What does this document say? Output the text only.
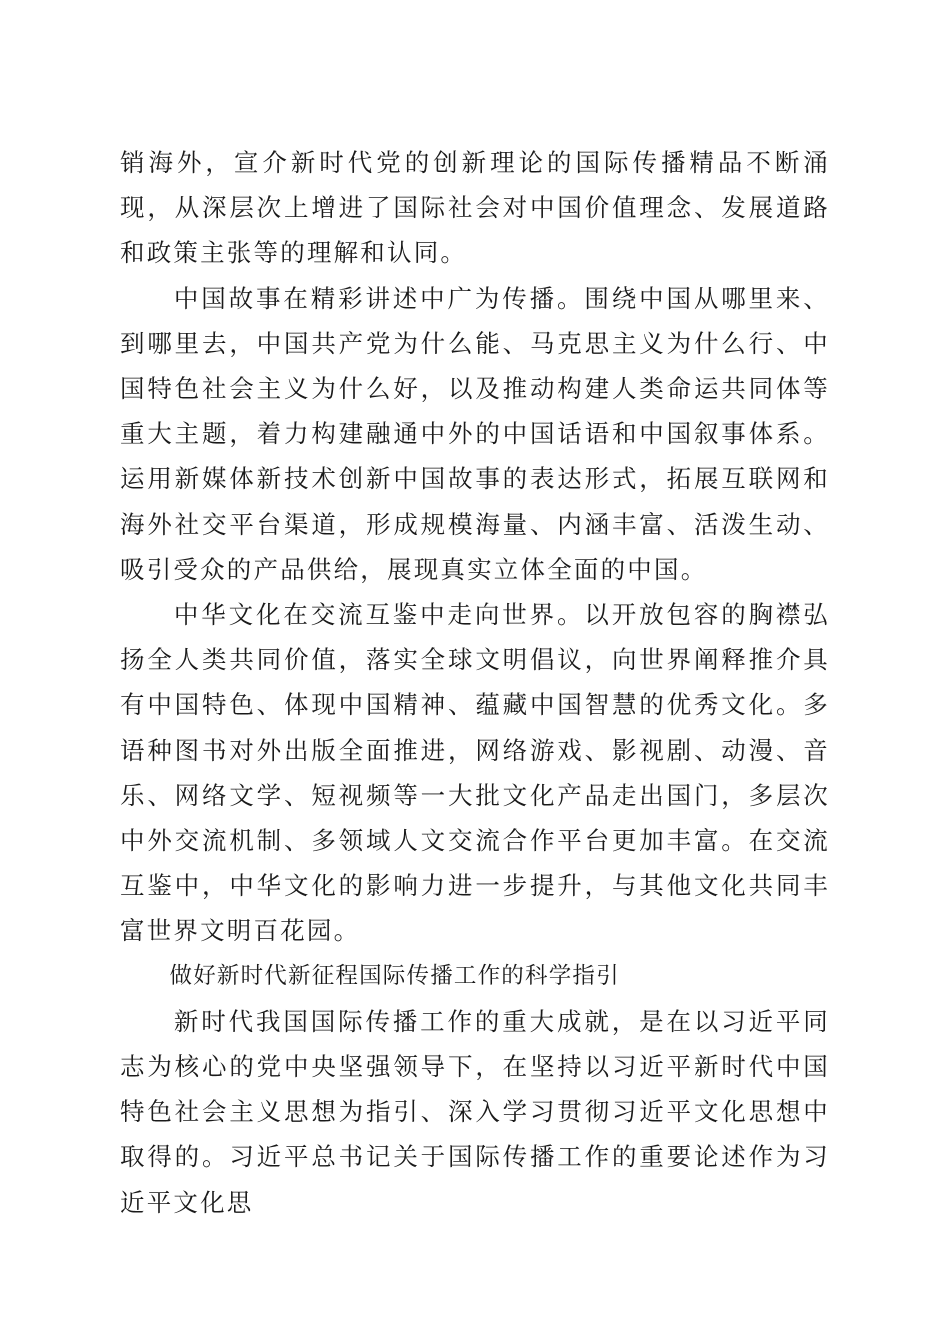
销海外，宣介新时代党的创新理论的国际传播精品不断涌现，从深层次上增进了国际社会对中国价值理念、发展道路和政策主张等的理解和认同。

中国故事在精彩讲述中广为传播。围绕中国从哪里来、到哪里去，中国共产党为什么能、马克思主义为什么行、中国特色社会主义为什么好，以及推动构建人类命运共同体等重大主题，着力构建融通中外的中国话语和中国叙事体系。运用新媒体新技术创新中国故事的表达形式，拓展互联网和海外社交平台渠道，形成规模海量、内涵丰富、活泼生动、吸引受众的产品供给，展现真实立体全面的中国。

中华文化在交流互鉴中走向世界。以开放包容的胸襟弘扬全人类共同价值，落实全球文明倡议，向世界阐释推介具有中国特色、体现中国精神、蕴藏中国智慧的优秀文化。多语种图书对外出版全面推进，网络游戏、影视剧、动漫、音乐、网络文学、短视频等一大批文化产品走出国门，多层次中外交流机制、多领域人文交流合作平台更加丰富。在交流互鉴中，中华文化的影响力进一步提升，与其他文化共同丰富世界文明百花园。

做好新时代新征程国际传播工作的科学指引

新时代我国国际传播工作的重大成就，是在以习近平同志为核心的党中央坚强领导下，在坚持以习近平新时代中国特色社会主义思想为指引、深入学习贯彻习近平文化思想中取得的。习近平总书记关于国际传播工作的重要论述作为习近平文化思
